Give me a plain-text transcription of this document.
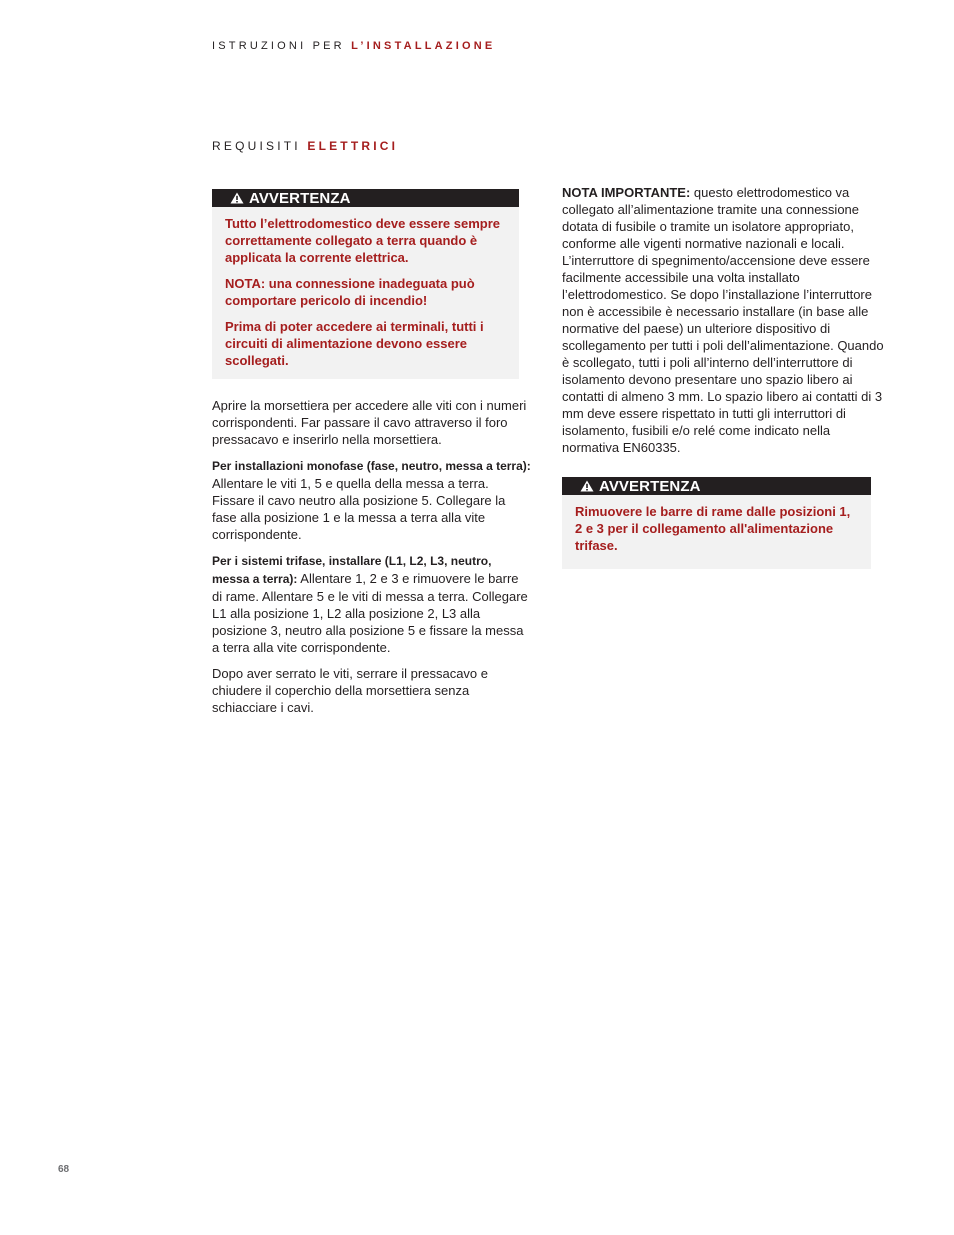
ISTRUZIONI PER L’INSTALLAZIONE
REQUISITI ELETTRICI
AVVERTENZA

Tutto l’elettrodomestico deve essere sempre correttamente collegato a terra quando è applicata la corrente elettrica.

NOTA: una connessione inadeguata può comportare pericolo di incendio!

Prima di poter accedere ai terminali, tutti i circuiti di alimentazione devono essere scollegati.

Aprire la morsettiera per accedere alle viti con i numeri corrispondenti. Far passare il cavo attraverso il foro pressacavo e inserirlo nella morsettiera.

Per installazioni monofase (fase, neutro, messa a terra): Allentare le viti 1, 5 e quella della messa a terra. Fissare il cavo neutro alla posizione 5. Collegare la fase alla posizione 1 e la messa a terra alla vite corrispondente.

Per i sistemi trifase, installare (L1, L2, L3, neutro, messa a terra): Allentare 1, 2 e 3 e rimuovere le barre di rame. Allentare 5 e le viti di messa a terra. Collegare L1 alla posizione 1, L2 alla posizione 2, L3 alla posizione 3, neutro alla posizione 5 e fissare la messa a terra alla vite corrispondente.

Dopo aver serrato le viti, serrare il pressacavo e chiudere il coperchio della morsettiera senza schiacciare i cavi.

NOTA IMPORTANTE: questo elettrodomestico va collegato all’alimentazione tramite una connessione dotata di fusibile o tramite un isolatore appropriato, conforme alle vigenti normative nazionali e locali. L’interruttore di spegnimento/accensione deve essere facilmente accessibile una volta installato l’elettrodomestico. Se dopo l’installazione l’interruttore non è accessibile è necessario installare (in base alle normative del paese) un ulteriore dispositivo di scollegamento per tutti i poli dell’alimentazione. Quando è scollegato, tutti i poli all’interno dell’interruttore di isolamento devono presentare uno spazio libero ai contatti di almeno 3 mm. Lo spazio libero ai contatti di 3 mm deve essere rispettato in tutti gli interruttori di isolamento, fusibili e/o relé come indicato nella normativa EN60335.

AVVERTENZA

Rimuovere le barre di rame dalle posizioni 1, 2 e 3 per il collegamento all'alimentazione trifase.

68
